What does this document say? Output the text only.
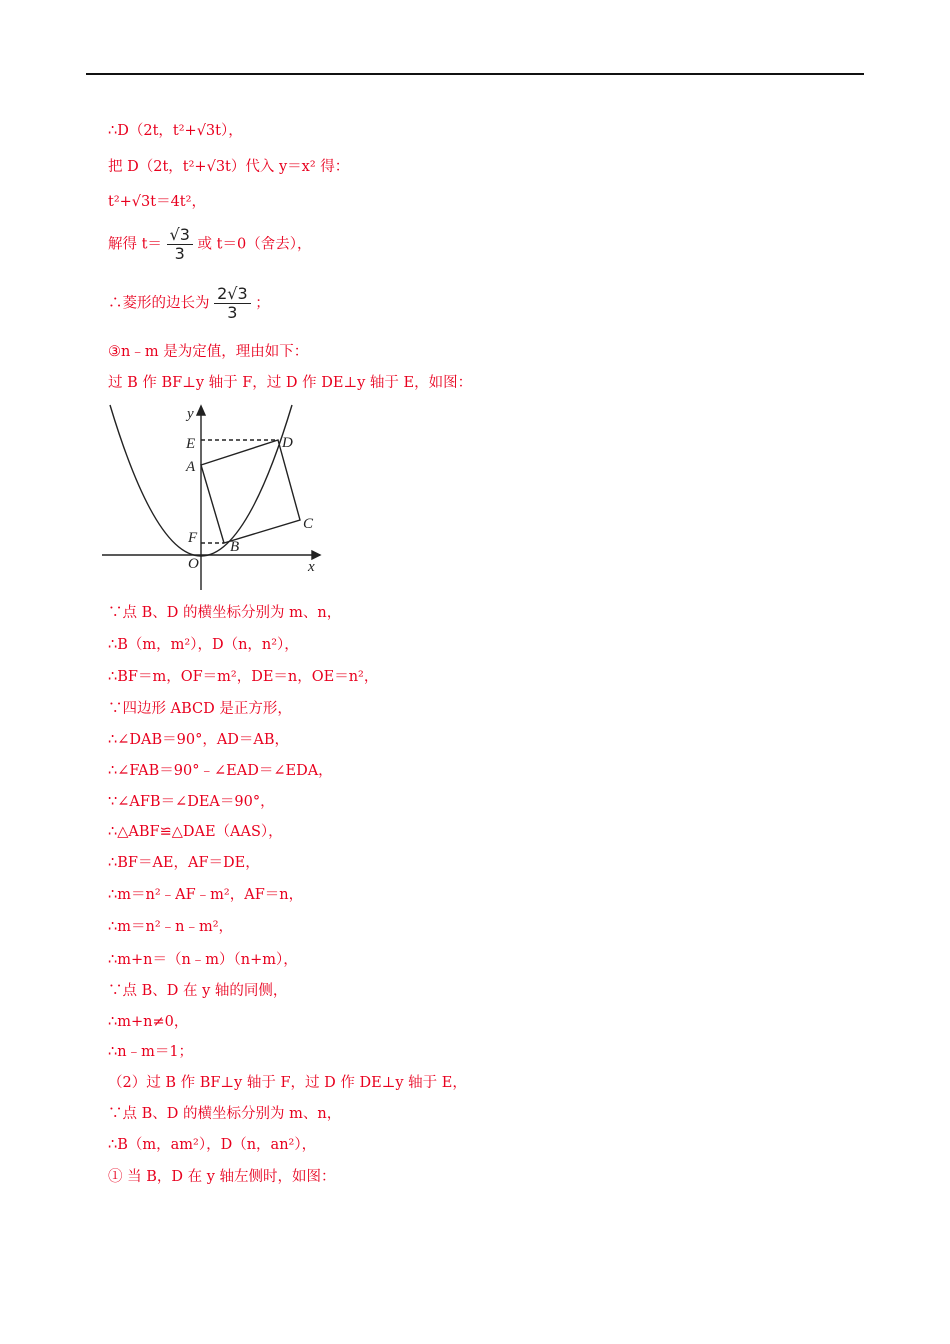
∴D（2t，t²+√3t），
把 D（2t，t²+√3t）代入 y＝x² 得：
t²+√3t＝4t²，
解得 $t= \frac{√3}{3}$ 或 t＝0（舍去），
∴菱形的边长为 $\frac{2√3}{3}$ ；
③n﹣m 是为定值，理由如下：
过 B 作 BF⊥y 轴于 F，过 D 作 DE⊥y 轴于 E，如图：
y
x
E
A
F
O
B
C
D
∵点 B、D 的横坐标分别为 m、n，
∴B（m，m²），D（n，n²），
∴BF＝m，OF＝m²，DE＝n，OE＝n²，
∵四边形 ABCD 是正方形，
∴∠DAB＝90°，AD＝AB，
∴∠FAB＝90°﹣∠EAD＝∠EDA，
∵∠AFB＝∠DEA＝90°，
∴△ABF≌△DAE（AAS），
∴BF＝AE，AF＝DE，
∴m＝n²﹣AF﹣m²，AF＝n，
∴m＝n²﹣n﹣m²，
∴m+n＝（n﹣m）（n+m），
∵点 B、D 在 y 轴的同侧，
∴m+n≠0，
∴n﹣m＝1；
（2）过 B 作 BF⊥y 轴于 F，过 D 作 DE⊥y 轴于 E，
∵点 B、D 的横坐标分别为 m、n，
∴B（m，am²），D（n，an²），
① 当 B，D 在 y 轴左侧时，如图：
